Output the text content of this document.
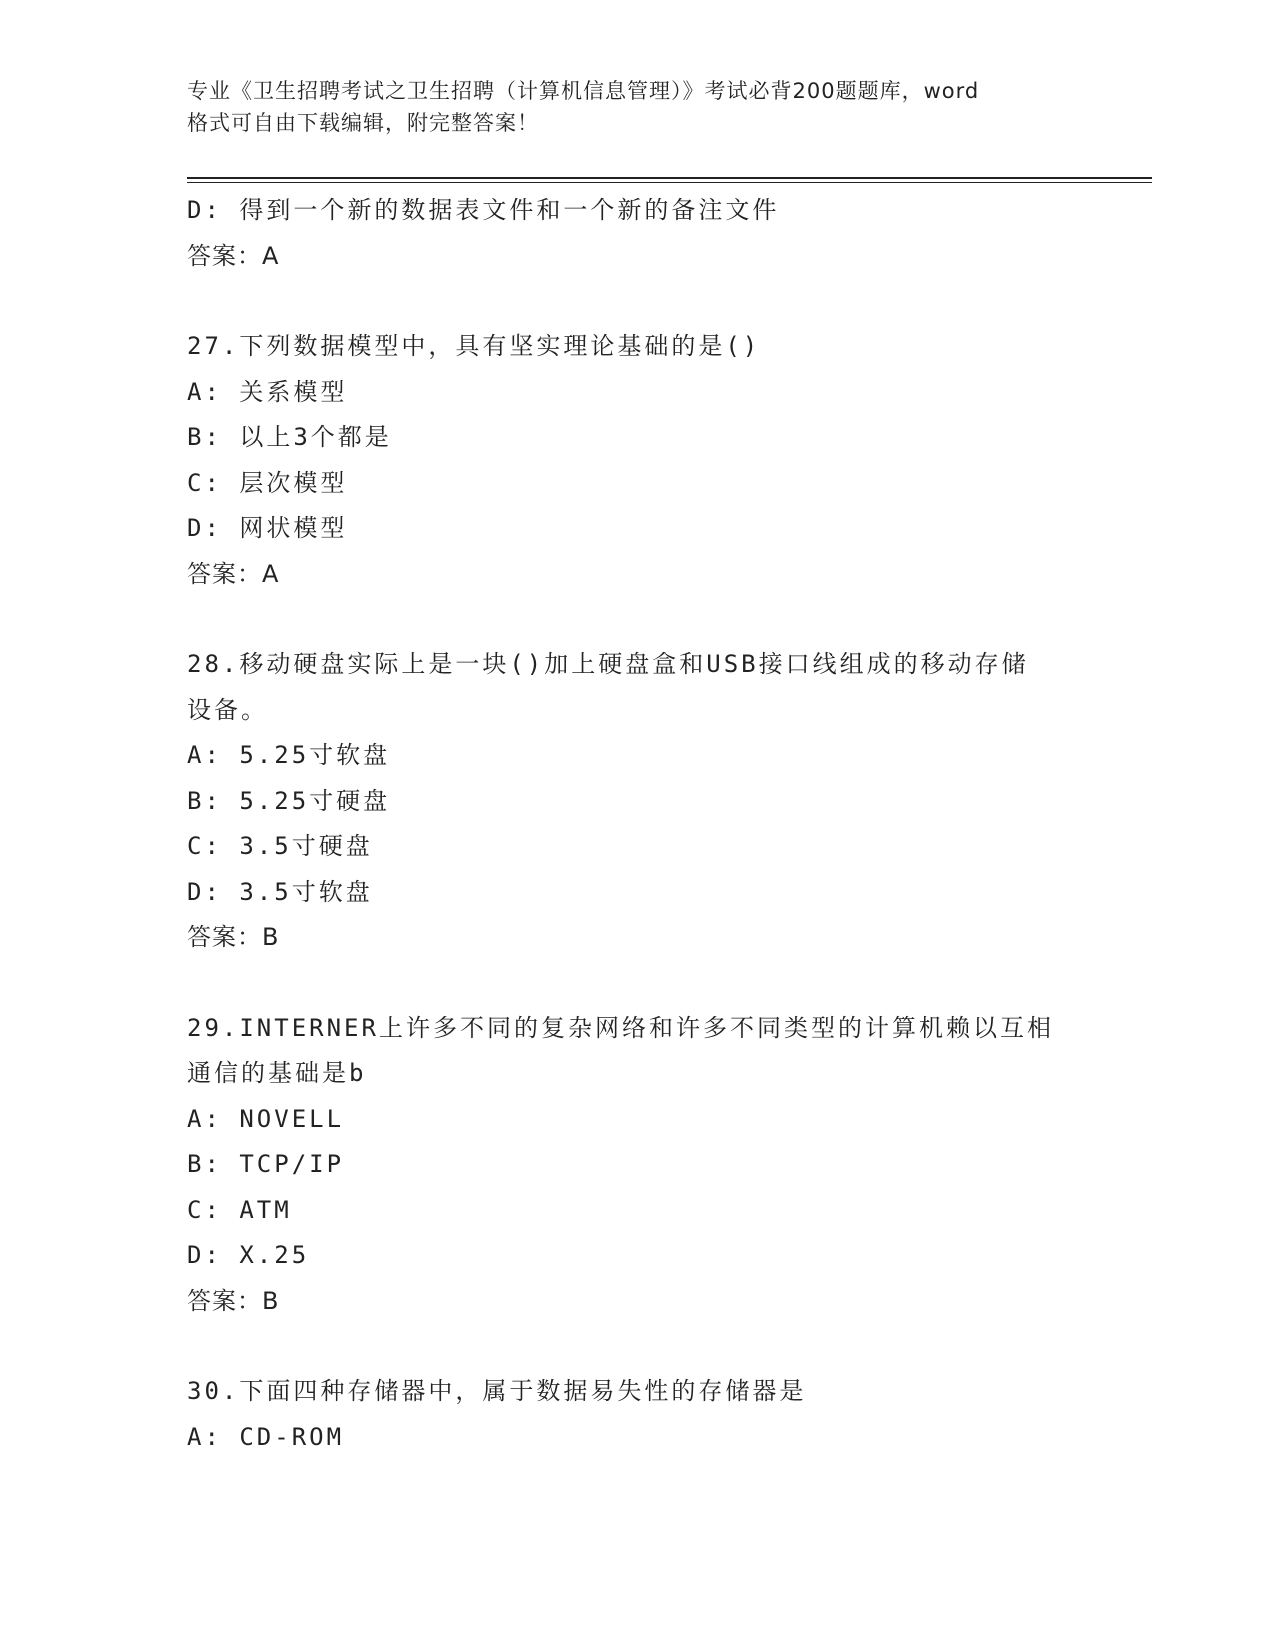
专业《卫生招聘考试之卫生招聘（计算机信息管理）》考试必背200题题库，word
格式可自由下载编辑，附完整答案！
D: 得到一个新的数据表文件和一个新的备注文件
答案：A
27.下列数据模型中，具有坚实理论基础的是()
A: 关系模型
B: 以上3个都是
C: 层次模型
D: 网状模型
答案：A
28.移动硬盘实际上是一块()加上硬盘盒和USB接口线组成的移动存储
设备。
A: 5.25寸软盘
B: 5.25寸硬盘
C: 3.5寸硬盘
D: 3.5寸软盘
答案：B
29.INTERNER上许多不同的复杂网络和许多不同类型的计算机赖以互相
通信的基础是b
A: NOVELL
B: TCP/IP
C: ATM
D: X.25
答案：B
30.下面四种存储器中，属于数据易失性的存储器是
A: CD-ROM
